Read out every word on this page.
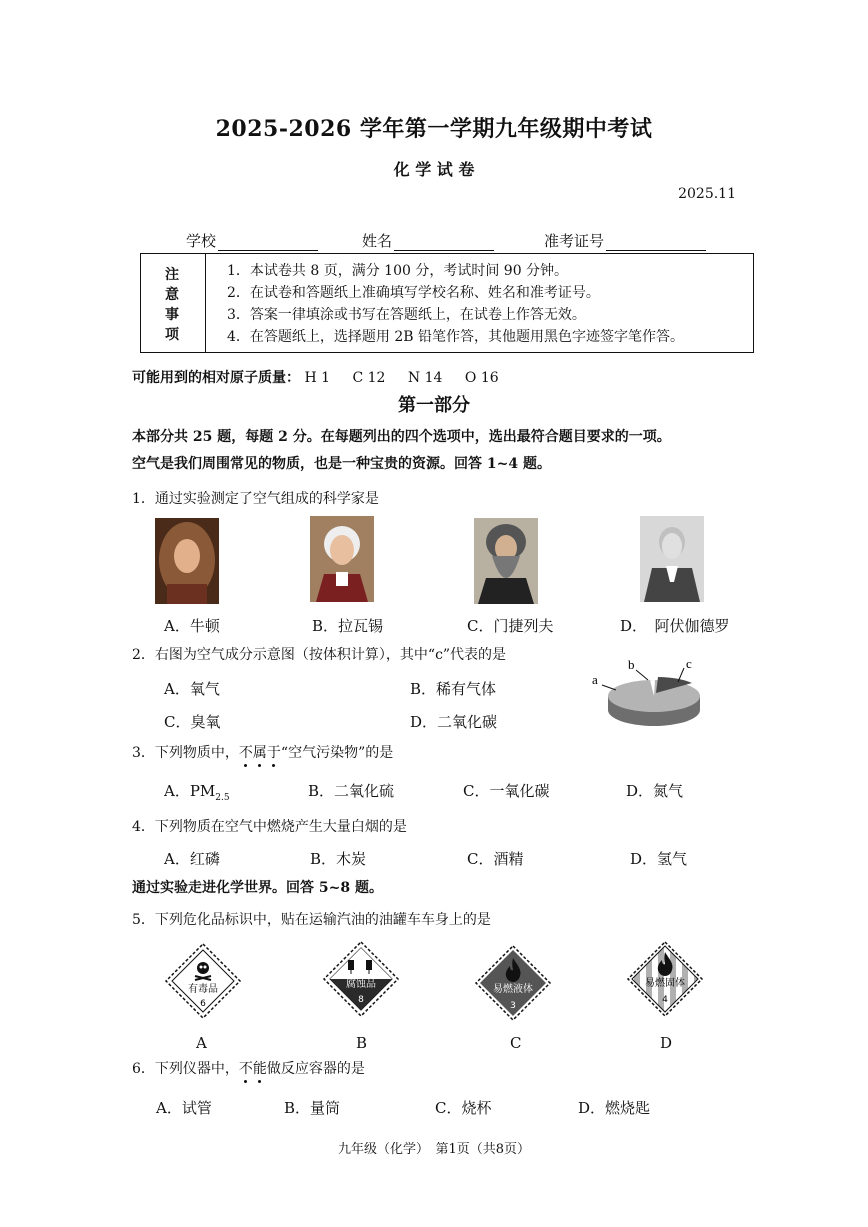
2025-2026 学年第一学期九年级期中考试
化 学 试 卷
2025.11
学校	姓名	准考证号
注
意
事
项
1．本试卷共 8 页，满分 100 分，考试时间 90 分钟。
2．在试卷和答题纸上准确填写学校名称、姓名和准考证号。
3．答案一律填涂或书写在答题纸上，在试卷上作答无效。
4．在答题纸上，选择题用 2B 铅笔作答，其他题用黑色字迹签字笔作答。
可能用到的相对原子质量： H 1 C 12 N 14 O 16
第一部分
本部分共 25 题，每题 2 分。在每题列出的四个选项中，选出最符合题目要求的一项。
空气是我们周围常见的物质，也是一种宝贵的资源。回答 1~4 题。
1．通过实验测定了空气组成的科学家是
A．牛顿	B．拉瓦锡	C．门捷列夫	D．　阿伏伽德罗
2．右图为空气成分示意图（按体积计算），其中“c”代表的是
A．氧气	B．稀有气体
C．臭氧	D．二氧化碳
a
b	c
3．下列物质中，不属于“空气污染物”的是
A．$PM_{2.5}$	B．二氧化硫	C．一氧化碳	D．氮气
4．下列物质在空气中燃烧产生大量白烟的是
A．红磷	B．木炭	C．酒精	D．氢气
通过实验走进化学世界。回答 5~8 题。
5．下列危化品标识中，贴在运输汽油的油罐车车身上的是
有毒品
6
腐蚀品
8
易燃液体
3
易燃固体
4
A	B	C	D
6．下列仪器中，不能做反应容器的是
A．试管	B．量筒	C．烧杯	D．燃烧匙
九年级（化学）　第1页（共8页）
